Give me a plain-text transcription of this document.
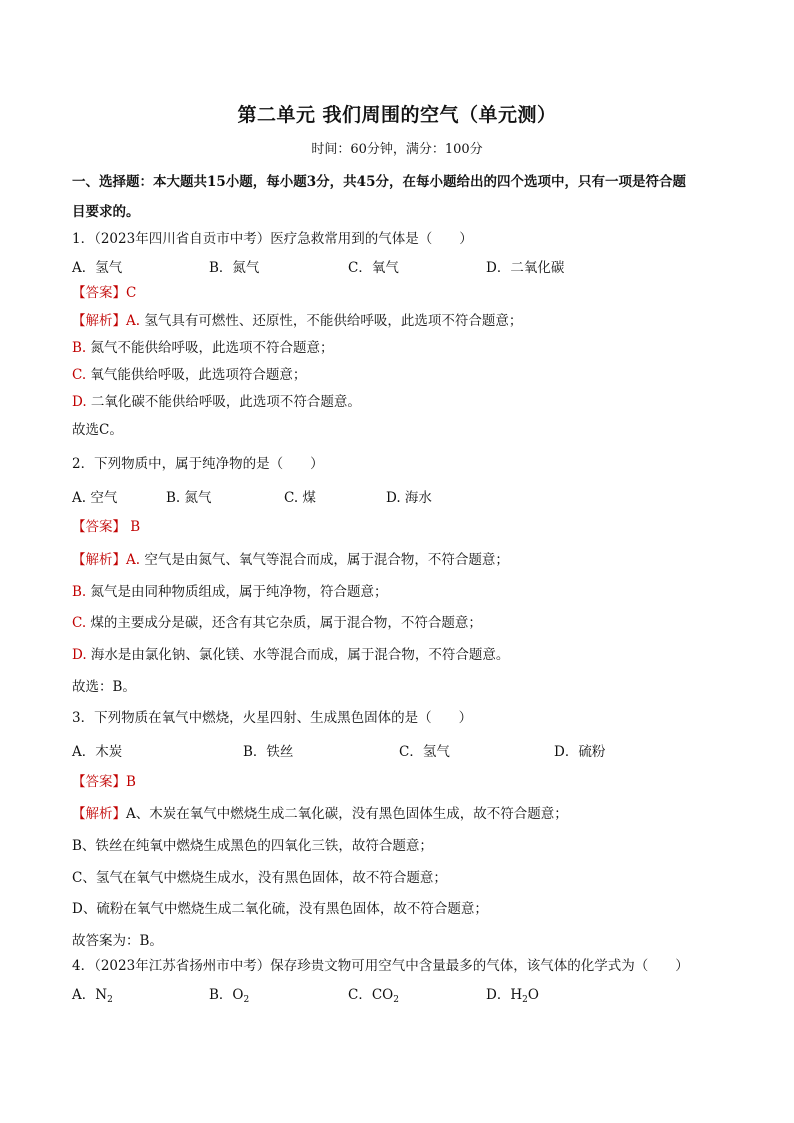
第二单元 我们周围的空气（单元测）
时间：60分钟，满分：100分
一、选择题：本大题共15小题，每小题3分，共45分，在每小题给出的四个选项中，只有一项是符合题
目要求的。
1．（2023年四川省自贡市中考）医疗急救常用到的气体是（　　）
A．氢气	B．氮气	C．氧气	D．二氧化碳
【答案】C
【解析】A. 氢气具有可燃性、还原性，不能供给呼吸，此选项不符合题意；
B. 氮气不能供给呼吸，此选项不符合题意；
C. 氧气能供给呼吸，此选项符合题意；
D. 二氧化碳不能供给呼吸，此选项不符合题意。
故选C。
2．下列物质中，属于纯净物的是（　　）
A. 空气	B. 氮气	C. 煤	D. 海水
【答案】 B
【解析】A. 空气是由氮气、氧气等混合而成，属于混合物，不符合题意；
B. 氮气是由同种物质组成，属于纯净物，符合题意；
C. 煤的主要成分是碳，还含有其它杂质，属于混合物，不符合题意；
D. 海水是由氯化钠、氯化镁、水等混合而成，属于混合物，不符合题意。
故选：B。
3．下列物质在氧气中燃烧，火星四射、生成黑色固体的是（　　）
A．木炭	B．铁丝	C．氢气	D．硫粉
【答案】B
【解析】A、木炭在氧气中燃烧生成二氧化碳，没有黑色固体生成，故不符合题意；
B、铁丝在纯氧中燃烧生成黑色的四氧化三铁，故符合题意；
C、氢气在氧气中燃烧生成水，没有黑色固体，故不符合题意；
D、硫粉在氧气中燃烧生成二氧化硫，没有黑色固体，故不符合题意；
故答案为：B。
4．（2023年江苏省扬州市中考）保存珍贵文物可用空气中含量最多的气体，该气体的化学式为（　　）
A．$N_2$	B．$O_2$	C．$CO_2$	D．$H_2O$
